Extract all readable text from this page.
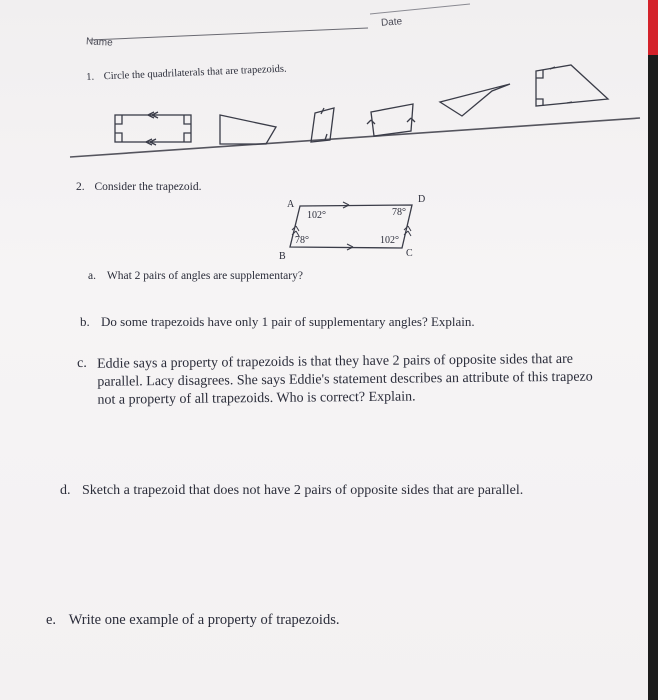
Name
Date
1. Circle the quadrilaterals that are trapezoids.
2. Consider the trapezoid.
A
B	C
D
102°	78°
78°	102°
a. What 2 pairs of angles are supplementary?
b. Do some trapezoids have only 1 pair of supplementary angles? Explain.
c. Eddie says a property of trapezoids is that they have 2 pairs of opposite sides that are
parallel. Lacy disagrees. She says Eddie's statement describes an attribute of this trapezo
not a property of all trapezoids. Who is correct? Explain.
d. Sketch a trapezoid that does not have 2 pairs of opposite sides that are parallel.
e. Write one example of a property of trapezoids.
